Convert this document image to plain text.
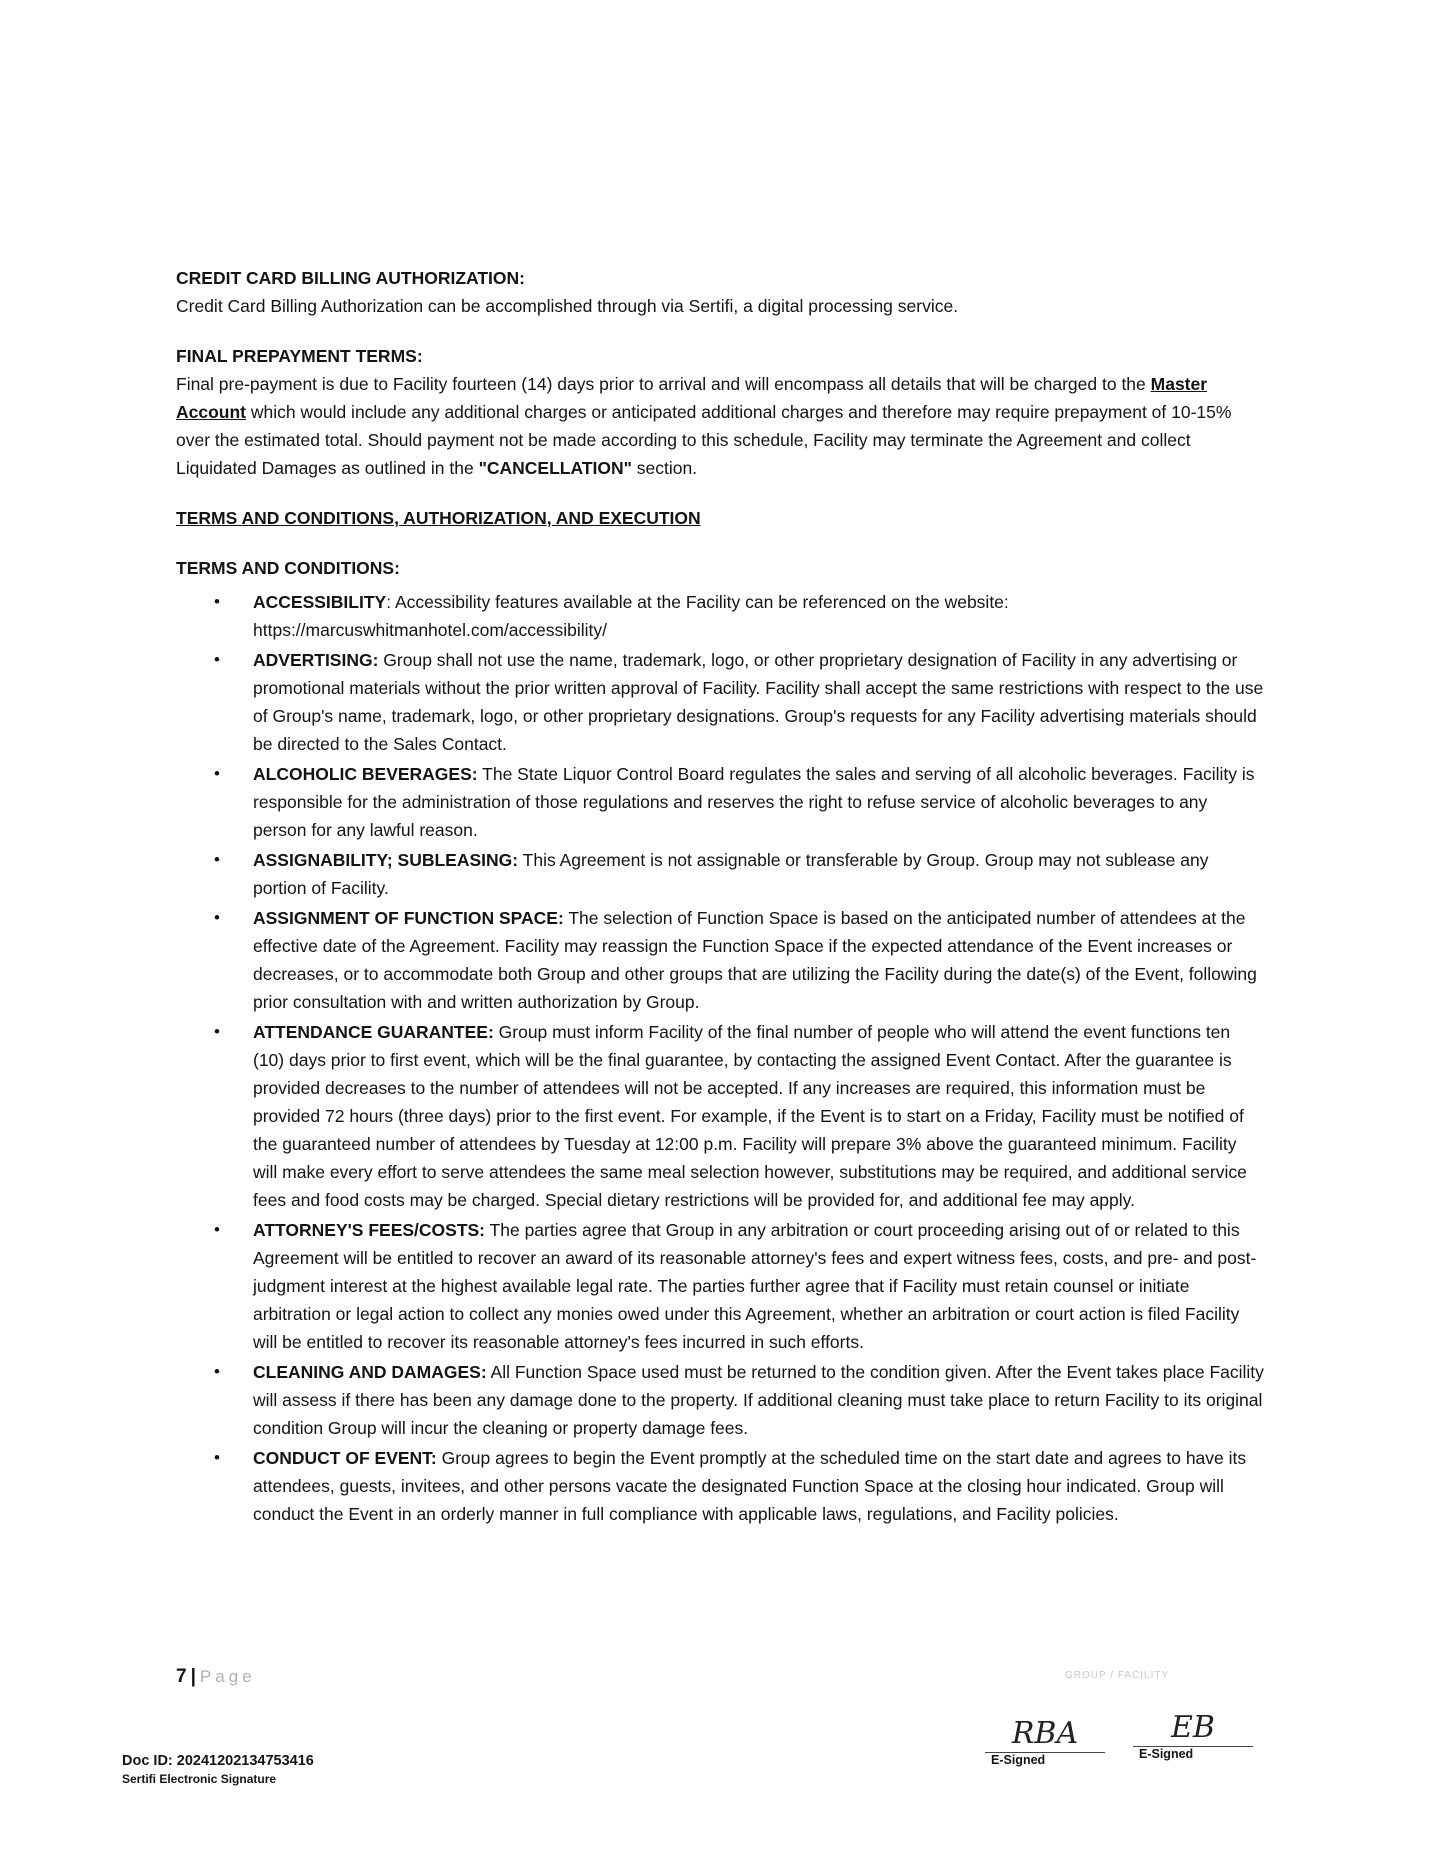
CREDIT CARD BILLING AUTHORIZATION:

Credit Card Billing Authorization can be accomplished through via Sertifi, a digital processing service.

FINAL PREPAYMENT TERMS:

Final pre-payment is due to Facility fourteen (14) days prior to arrival and will encompass all details that will be charged to the Master Account which would include any additional charges or anticipated additional charges and therefore may require prepayment of 10-15% over the estimated total. Should payment not be made according to this schedule, Facility may terminate the Agreement and collect Liquidated Damages as outlined in the "CANCELLATION" section.

TERMS AND CONDITIONS, AUTHORIZATION, AND EXECUTION

TERMS AND CONDITIONS:

• ACCESSIBILITY: Accessibility features available at the Facility can be referenced on the website: https://marcuswhitmanhotel.com/accessibility/
• ADVERTISING: Group shall not use the name, trademark, logo, or other proprietary designation of Facility in any advertising or promotional materials without the prior written approval of Facility. Facility shall accept the same restrictions with respect to the use of Group's name, trademark, logo, or other proprietary designations. Group's requests for any Facility advertising materials should be directed to the Sales Contact.
• ALCOHOLIC BEVERAGES: The State Liquor Control Board regulates the sales and serving of all alcoholic beverages. Facility is responsible for the administration of those regulations and reserves the right to refuse service of alcoholic beverages to any person for any lawful reason.
• ASSIGNABILITY; SUBLEASING: This Agreement is not assignable or transferable by Group. Group may not sublease any portion of Facility.
• ASSIGNMENT OF FUNCTION SPACE: The selection of Function Space is based on the anticipated number of attendees at the effective date of the Agreement. Facility may reassign the Function Space if the expected attendance of the Event increases or decreases, or to accommodate both Group and other groups that are utilizing the Facility during the date(s) of the Event, following prior consultation with and written authorization by Group.
• ATTENDANCE GUARANTEE: Group must inform Facility of the final number of people who will attend the event functions ten (10) days prior to first event, which will be the final guarantee, by contacting the assigned Event Contact. After the guarantee is provided decreases to the number of attendees will not be accepted. If any increases are required, this information must be provided 72 hours (three days) prior to the first event. For example, if the Event is to start on a Friday, Facility must be notified of the guaranteed number of attendees by Tuesday at 12:00 p.m. Facility will prepare 3% above the guaranteed minimum. Facility will make every effort to serve attendees the same meal selection however, substitutions may be required, and additional service fees and food costs may be charged. Special dietary restrictions will be provided for, and additional fee may apply.
• ATTORNEY'S FEES/COSTS: The parties agree that Group in any arbitration or court proceeding arising out of or related to this Agreement will be entitled to recover an award of its reasonable attorney's fees and expert witness fees, costs, and pre- and post-judgment interest at the highest available legal rate. The parties further agree that if Facility must retain counsel or initiate arbitration or legal action to collect any monies owed under this Agreement, whether an arbitration or court action is filed Facility will be entitled to recover its reasonable attorney's fees incurred in such efforts.
• CLEANING AND DAMAGES: All Function Space used must be returned to the condition given. After the Event takes place Facility will assess if there has been any damage done to the property. If additional cleaning must take place to return Facility to its original condition Group will incur the cleaning or property damage fees.
• CONDUCT OF EVENT: Group agrees to begin the Event promptly at the scheduled time on the start date and agrees to have its attendees, guests, invitees, and other persons vacate the designated Function Space at the closing hour indicated. Group will conduct the Event in an orderly manner in full compliance with applicable laws, regulations, and Facility policies.
7 | Page	GROUP / FACILITY
Doc ID: 20241202134753416
Sertifi Electronic Signature
RBA
E-Signed
EB
E-Signed
